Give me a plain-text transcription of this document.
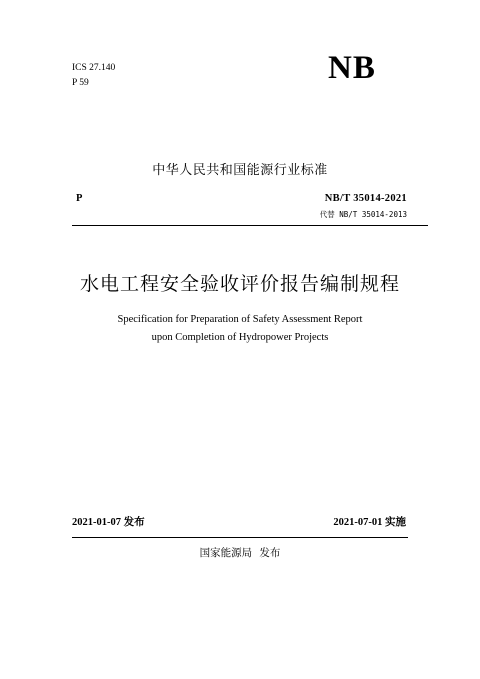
ICS 27.140
P 59	NB
中华人民共和国能源行业标准
P	NB/T 35014-2021
代替 NB/T 35014-2013
水电工程安全验收评价报告编制规程
Specification for Preparation of Safety Assessment Report
upon Completion of Hydropower Projects
2021-01-07 发布	2021-07-01 实施
国家能源局 发布
